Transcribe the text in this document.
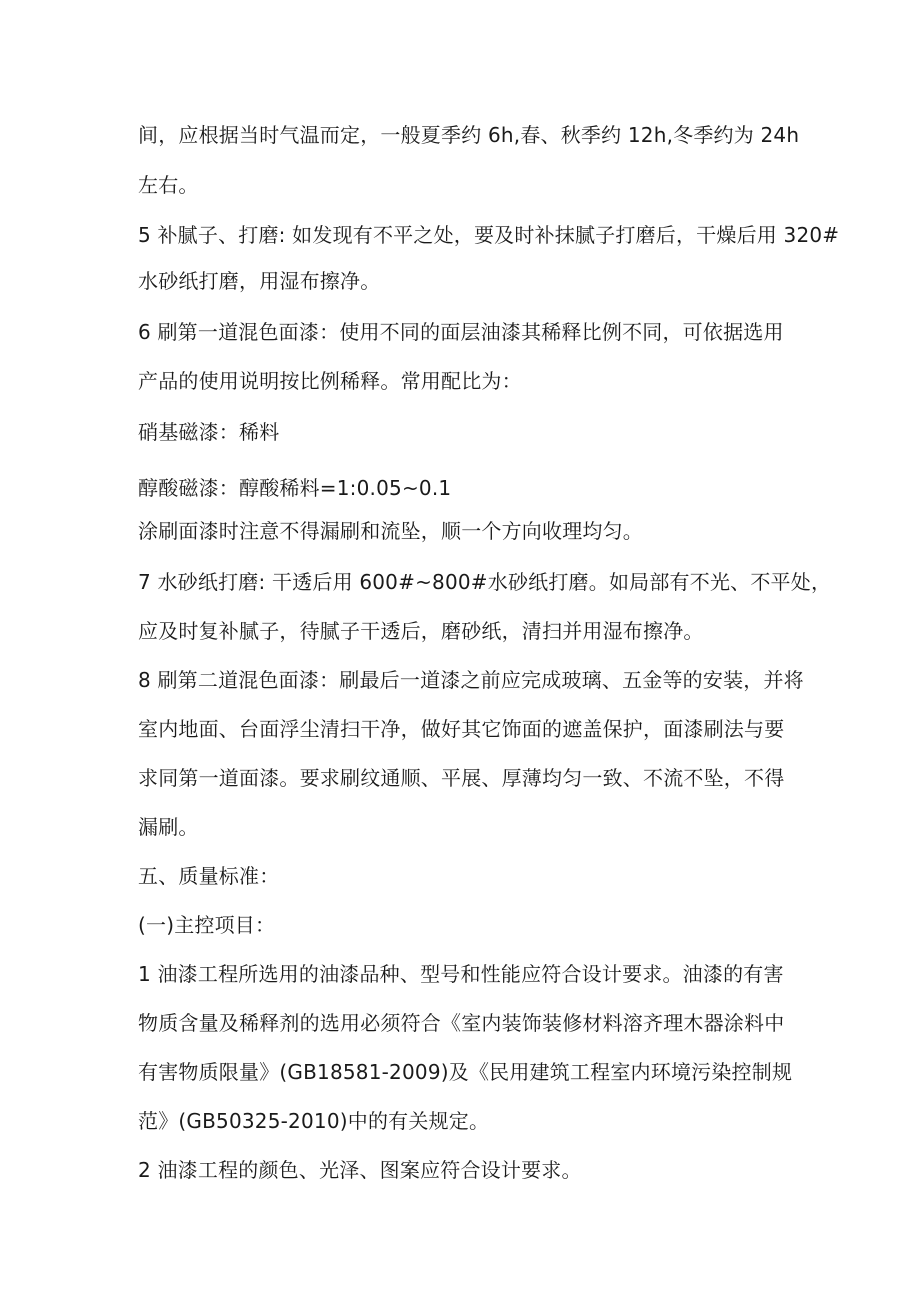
间，应根据当时气温而定，一般夏季约 6h,春、秋季约 12h,冬季约为 24h
左右。
5 补腻子、打磨: 如发现有不平之处，要及时补抹腻子打磨后，干燥后用 320#
水砂纸打磨，用湿布擦净。
6 刷第一道混色面漆：使用不同的面层油漆其稀释比例不同，可依据选用
产品的使用说明按比例稀释。常用配比为：
硝基磁漆：稀料
醇酸磁漆：醇酸稀料=1:0.05~0.1
涂刷面漆时注意不得漏刷和流坠，顺一个方向收理均匀。
7 水砂纸打磨: 干透后用 600#~800#水砂纸打磨。如局部有不光、不平处，
应及时复补腻子，待腻子干透后，磨砂纸，清扫并用湿布擦净。
8 刷第二道混色面漆：刷最后一道漆之前应完成玻璃、五金等的安装，并将
室内地面、台面浮尘清扫干净，做好其它饰面的遮盖保护，面漆刷法与要
求同第一道面漆。要求刷纹通顺、平展、厚薄均匀一致、不流不坠，不得
漏刷。
五、质量标准：
(一)主控项目：
1 油漆工程所选用的油漆品种、型号和性能应符合设计要求。油漆的有害
物质含量及稀释剂的选用必须符合《室内装饰装修材料溶齐理木器涂料中
有害物质限量》(GB18581-2009)及《民用建筑工程室内环境污染控制规
范》(GB50325-2010)中的有关规定。
2 油漆工程的颜色、光泽、图案应符合设计要求。
